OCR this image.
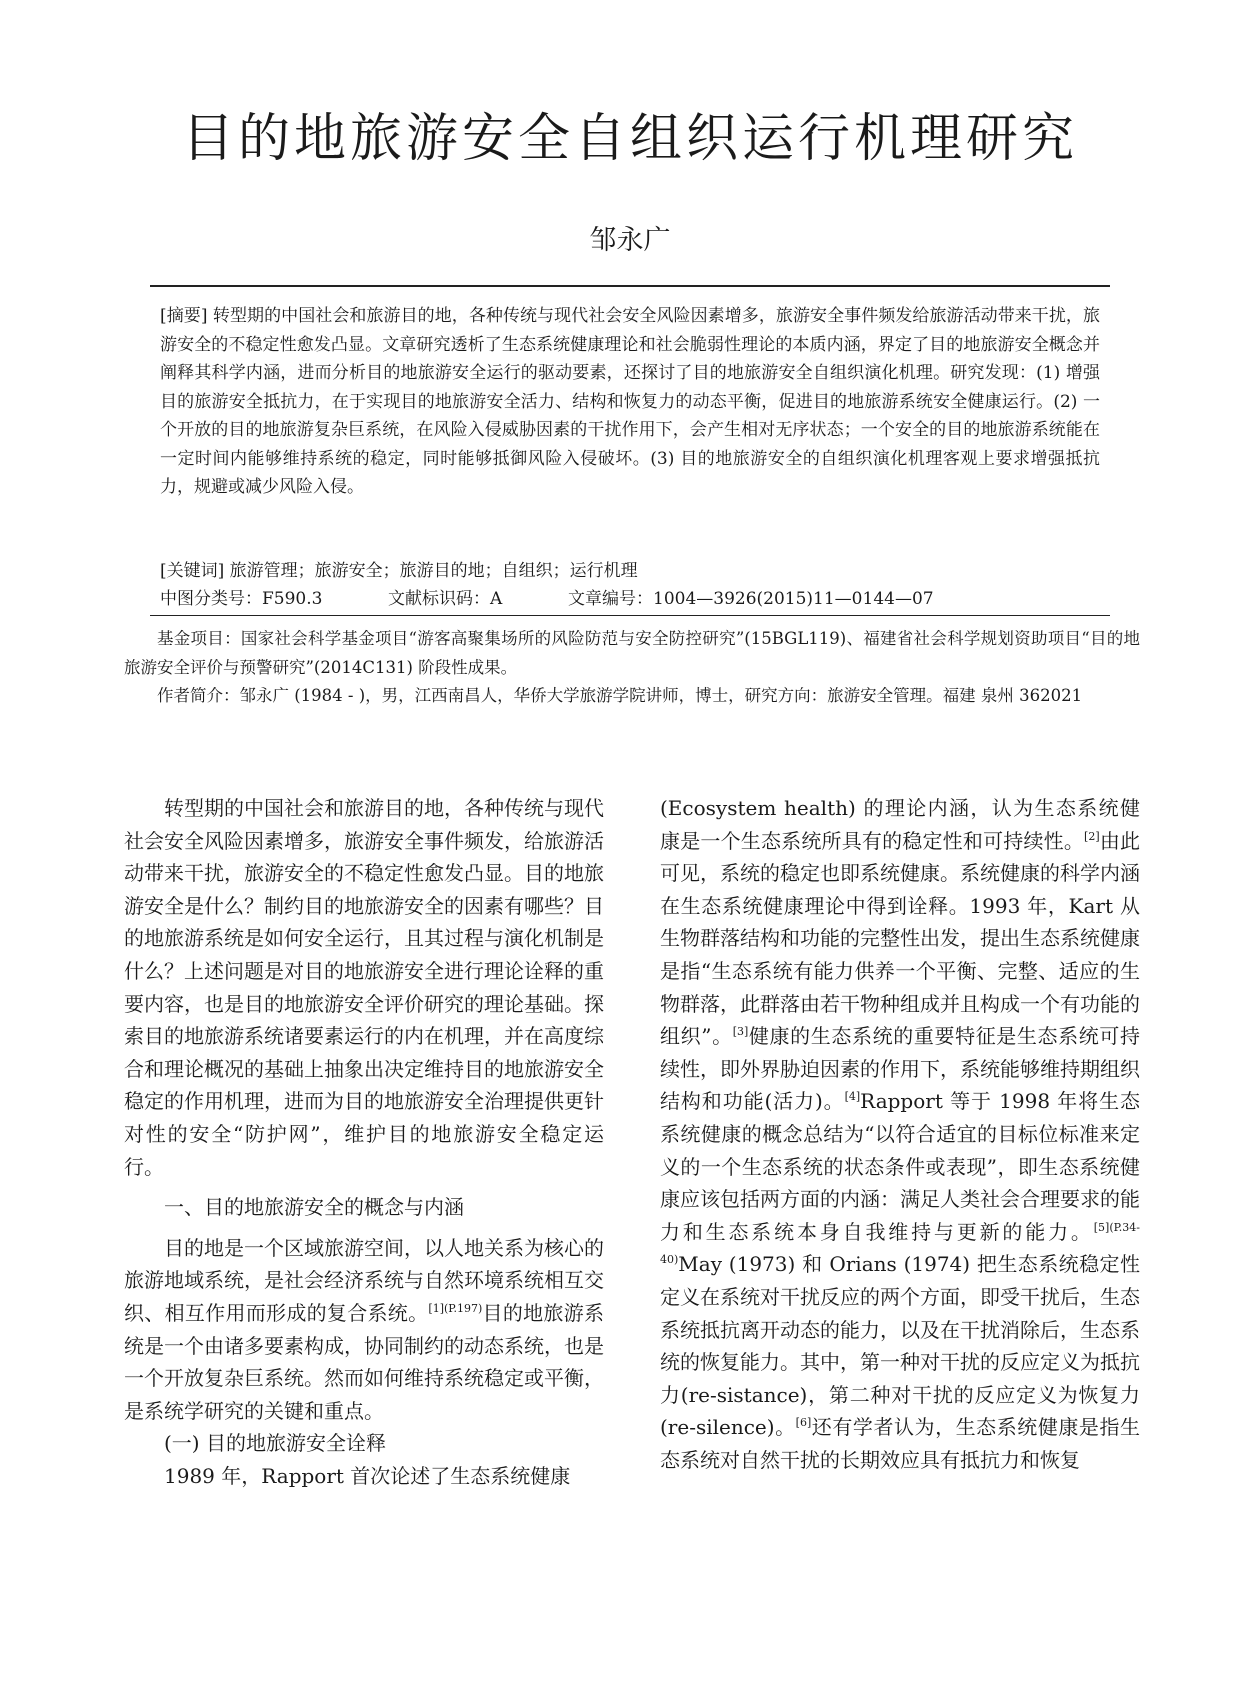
目的地旅游安全自组织运行机理研究
邹永广
[摘要] 转型期的中国社会和旅游目的地，各种传统与现代社会安全风险因素增多，旅游安全事件频发给旅游活动带来干扰，旅游安全的不稳定性愈发凸显。文章研究透析了生态系统健康理论和社会脆弱性理论的本质内涵，界定了目的地旅游安全概念并阐释其科学内涵，进而分析目的地旅游安全运行的驱动要素，还探讨了目的地旅游安全自组织演化机理。研究发现：(1) 增强目的旅游安全抵抗力，在于实现目的地旅游安全活力、结构和恢复力的动态平衡，促进目的地旅游系统安全健康运行。(2) 一个开放的目的地旅游复杂巨系统，在风险入侵威胁因素的干扰作用下，会产生相对无序状态；一个安全的目的地旅游系统能在一定时间内能够维持系统的稳定，同时能够抵御风险入侵破坏。(3) 目的地旅游安全的自组织演化机理客观上要求增强抵抗力，规避或减少风险入侵。
[关键词] 旅游管理；旅游安全；旅游目的地；自组织；运行机理
中图分类号：F590.3	文献标识码：A	文章编号：1004—3926(2015)11—0144—07

基金项目：国家社会科学基金项目“游客高聚集场所的风险防范与安全防控研究”(15BGL119)、福建省社会科学规划资助项目“目的地旅游安全评价与预警研究”(2014C131) 阶段性成果。

作者简介：邹永广 (1984 - )，男，江西南昌人，华侨大学旅游学院讲师，博士，研究方向：旅游安全管理。福建 泉州 362021

转型期的中国社会和旅游目的地，各种传统与现代社会安全风险因素增多，旅游安全事件频发，给旅游活动带来干扰，旅游安全的不稳定性愈发凸显。目的地旅游安全是什么？制约目的地旅游安全的因素有哪些？目的地旅游系统是如何安全运行，且其过程与演化机制是什么？上述问题是对目的地旅游安全进行理论诠释的重要内容，也是目的地旅游安全评价研究的理论基础。探索目的地旅游系统诸要素运行的内在机理，并在高度综合和理论概况的基础上抽象出决定维持目的地旅游安全稳定的作用机理，进而为目的地旅游安全治理提供更针对性的安全“防护网”，维护目的地旅游安全稳定运行。

一、目的地旅游安全的概念与内涵

目的地是一个区域旅游空间，以人地关系为核心的旅游地域系统，是社会经济系统与自然环境系统相互交织、相互作用而形成的复合系统。$^{[1](P.197)}$目的地旅游系统是一个由诸多要素构成，协同制约的动态系统，也是一个开放复杂巨系统。然而如何维持系统稳定或平衡，是系统学研究的关键和重点。

(一) 目的地旅游安全诠释

1989 年，Rapport 首次论述了生态系统健康

(Ecosystem health) 的理论内涵，认为生态系统健康是一个生态系统所具有的稳定性和可持续性。[2]由此可见，系统的稳定也即系统健康。系统健康的科学内涵在生态系统健康理论中得到诠释。1993 年，Kart 从生物群落结构和功能的完整性出发，提出生态系统健康是指“生态系统有能力供养一个平衡、完整、适应的生物群落，此群落由若干物种组成并且构成一个有功能的组织”。[3]健康的生态系统的重要特征是生态系统可持续性，即外界胁迫因素的作用下，系统能够维持期组织结构和功能(活力)。[4]Rapport 等于 1998 年将生态系统健康的概念总结为“以符合适宜的目标位标准来定义的一个生态系统的状态条件或表现”，即生态系统健康应该包括两方面的内涵：满足人类社会合理要求的能力和生态系统本身自我维持与更新的能力。$^{[5](P.34-40)}$May (1973) 和 Orians (1974) 把生态系统稳定性定义在系统对干扰反应的两个方面，即受干扰后，生态系统抵抗离开动态的能力，以及在干扰消除后，生态系统的恢复能力。其中，第一种对干扰的反应定义为抵抗力(re-sistance)，第二种对干扰的反应定义为恢复力(re-silence)。[6]还有学者认为，生态系统健康是指生态系统对自然干扰的长期效应具有抵抗力和恢复
